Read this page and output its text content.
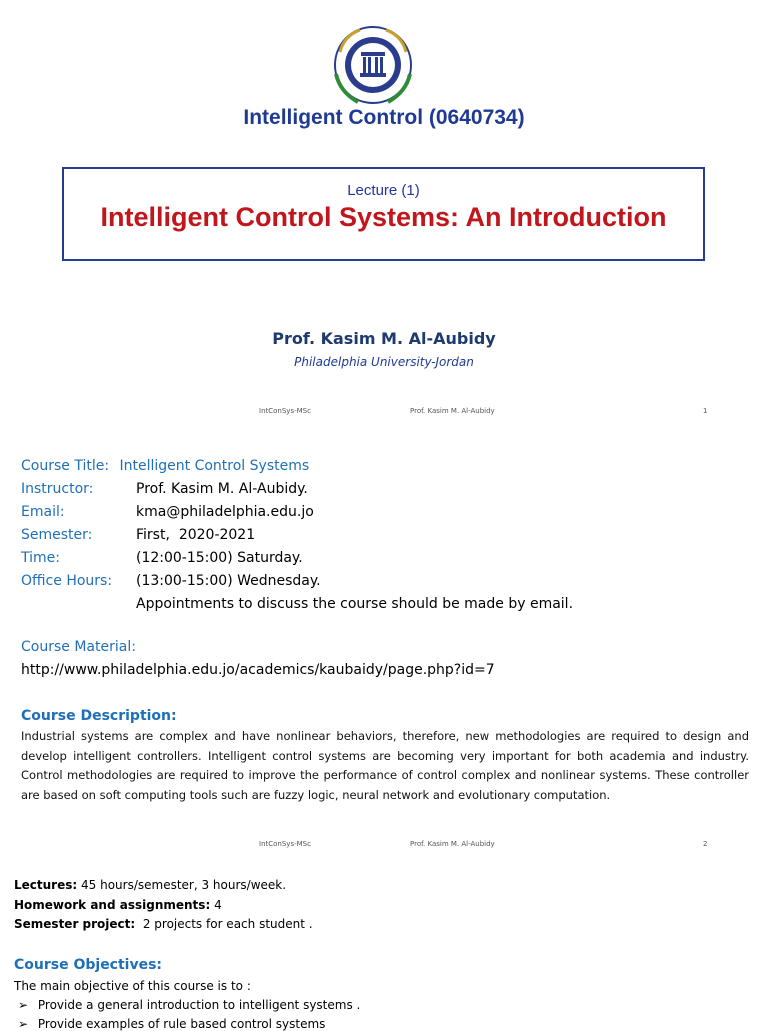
Intelligent Control (0640734)
Lecture (1)
Intelligent Control Systems: An Introduction
Prof. Kasim M. Al-Aubidy
Philadelphia University-Jordan
IntConSys-MSc	Prof. Kasim M. Al-Aubidy	1
Course Title: Intelligent Control Systems
Instructor:	Prof. Kasim M. Al-Aubidy.
Email:	kma@philadelphia.edu.jo
Semester:	First,  2020-2021
Time:	(12:00-15:00) Saturday.
Office Hours: (13:00-15:00) Wednesday.
Appointments to discuss the course should be made by email.
Course Material:
http://www.philadelphia.edu.jo/academics/kaubaidy/page.php?id=7
Course Description:
Industrial systems are complex and have nonlinear behaviors, therefore, new methodologies are required to design and develop intelligent controllers. Intelligent control systems are becoming very important for both academia and industry. Control methodologies are required to improve the performance of control complex and nonlinear systems. These controller are based on soft computing tools such are fuzzy logic, neural network and evolutionary computation.
IntConSys-MSc	Prof. Kasim M. Al-Aubidy	2
Lectures: 45 hours/semester, 3 hours/week.
Homework and assignments: 4
Semester project:  2 projects for each student .
Course Objectives:
The main objective of this course is to :
➢ Provide a general introduction to intelligent systems .
➢ Provide examples of rule based control systems
